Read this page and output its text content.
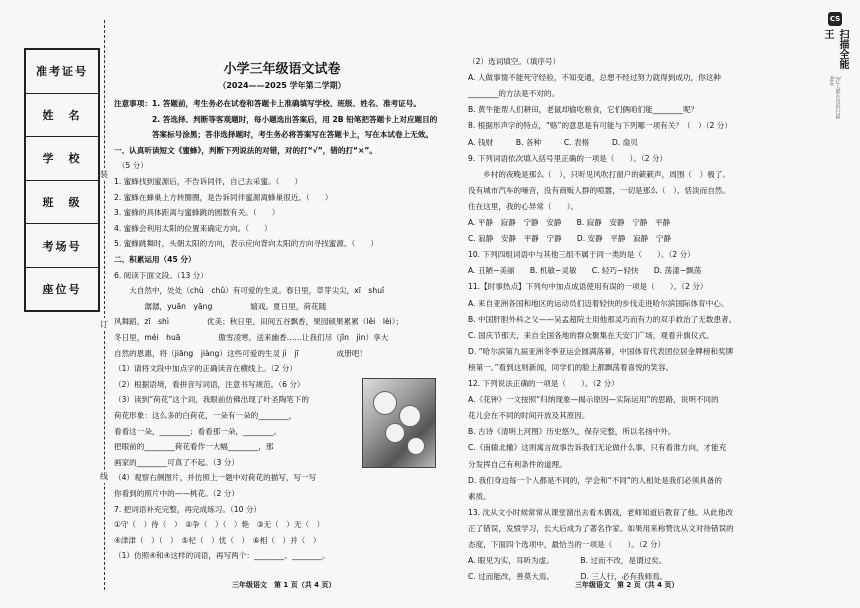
准考证号
姓　名
学　校
班　级
考场号
座位号
装
订
线
小学三年级语文试卷
（2024——2025 学年第二学期）
注意事项：1. 答题前，考生务必在试卷和答题卡上准确填写学校、班级、姓名、准考证号。
　　　　　2. 答选择、判断等客观题时，每小题选出答案后，用 2B 铅笔把答题卡上对应题目的
　　　　　答案标号涂黑；答非选择题时，考生务必将答案写在答题卡上，写在本试卷上无效。
一、认真听读短文《蜜蜂》，判断下列说法的对错，对的打“√”，错的打“×”。
　（5 分）
1. 蜜蜂找到蜜源后，不告诉同伴，自己去采蜜。（　　）
2. 蜜蜂在蜂巢上方转圈圈，是告诉同伴蜜源离蜂巢很近。（　　）
3. 蜜蜂的具体距离与蜜蜂跳的圆数有关。（　　）
4. 蜜蜂会利用太阳的位置来确定方向。（　　）
5. 蜜蜂跳舞时，头朝太阳的方向，表示应向背向太阳的方向寻找蜜源。（　　）
二、积累运用（45 分）
6. 阅读下面文段。（13 分）
　　大自然中，处处（chù　chǔ）有可爱的生灵。春日里，草芽尖尖，xī　shuǐ
　　　　潺潺，yuān　yāng　　　　　嬉戏。夏日里，荷花随
风舞蹈，zī　shì　　　　　优美；秋日里，田间五谷飘香，果园硕果累累（lěi　lèi）；
冬日里，méi　huā　　　　　傲雪凌寒，送来幽香……让我们尽（jǐn　jìn）享大
自然的恩惠，将（jiāng　jiàng）这些可爱的生灵 jì　jī　　　　　成册吧！
（1）请将文段中加点字的正确读音在横线上。（2 分）
（2）根据语境，看拼音写词语，注意书写规范。（6 分）
（3）读到“荷花”这个词，我眼前仿佛出现了叶圣陶笔下的
荷花形象：这么多的白荷花，一朵有一朵的________，
看看这一朵，________；看看那一朵，________。
把眼前的________荷花看作一大幅________，那
画家的________可真了不起。（3 分）
（4）观察右侧图片，并仿照上一题中对荷花的描写，写一写
你看到的照片中的——桃花。（2 分）
7. 把词语补充完整，再完成练习。（10 分）
①守（　）待（　）　②争（　）（　）艳　③无（　）无（　）
④津津（　）（　）　⑤杞（　）忧（　）　⑥相（　）并（　）
（1）仿照④和④这样的词语，再写两个：________、________。
（2）选词填空。（填序号）
A. 人做事情不能死守经验，不知变通，总想不经过努力就得到成功，你这种
________的方法是不对的。
B. 黄牛能帮人们耕田，老鼠却偷吃粮食，它们俩咱们能________呢？
8. 根据形声字的特点，“赂”的意思是有可能与下列哪一项有关？（　）（2 分）
A. 钱财　　　B. 各种　　　C. 表格　　　D. 扇贝
9. 下列词语依次填入括号里正确的一项是（　　）。（2 分）
　　乡村的夜晚是那么（　），只听见风吹打窗户的簌簌声，周围（　）极了。
没有城市汽车的噪音，没有商贩人群的喧嚣，一切是那么（　）、恬淡而自然。
住在这里，我的心异常（　　）。
A. 平静　寂静　宁静　安静　　B. 寂静　安静　宁静　平静
C. 寂静　安静　平静　宁静　　D. 安静　平静　寂静　宁静
10. 下列四组词语中与其他三组不属于同一类的是（　　）。（2 分）
A. 丑陋−美丽　　B. 机敏−灵敏　　C. 轻巧−轻快　　D. 荡漾−飘荡
11.【时事热点】下列句中加点成语使用有误的一项是（　　）。（2 分）
A. 来自亚洲各国和地区的运动员们迈着轻快的步伐走进哈尔滨国际体育中心。
B. 中国肝胆外科之父——吴孟超院士用他那灵巧而有力的双手救治了无数患者。
C. 国庆节那天，来自全国各地的群众聚集在天安门广场，观看升旗仪式。
D. “哈尔滨第九届亚洲冬季亚运会圆满落幕，中国体育代表团位居金牌榜和奖牌
榜第一。”看到这则新闻，同学们的脸上都飘荡着喜悦的笑容。
12. 下列说法正确的一项是（　　）。（2 分）
A.《花钟》一文按照“归纳现象—揭示原因—实际运用”的思路，说明不同的
花儿会在不同的时间开放及其原因。
B. 古诗《清明上河图》历史悠久，保存完整，所以名扬中外。
C.《南辕北辙》这则寓言故事告诉我们无论做什么事，只有看准方向，才能充
分发挥自己有利条件的道理。
D. 我们身边每一个人都是不同的，学会和“不同”的人相处是我们必须具备的
素质。
13. 沈从文小时候常常从课堂溜出去看木偶戏，老师知道后教育了他。从此他改
正了错误，发愤学习，长大后成为了著名作家。如果用来称赞沈从文对待错误的
态度，下面四个选项中，最恰当的一项是（　　）。（2 分）
A. 眼见为实，耳听为虚。　　　　B. 过而不改，是谓过矣。
C. 过而能改，善莫大焉。　　　　D. 三人行，必有我师焉。
三年级语文　第 1 页（共 4 页）	三年级语文　第 2 页（共 4 页）
CS
扫描全能王
3亿人都在用的扫描App
